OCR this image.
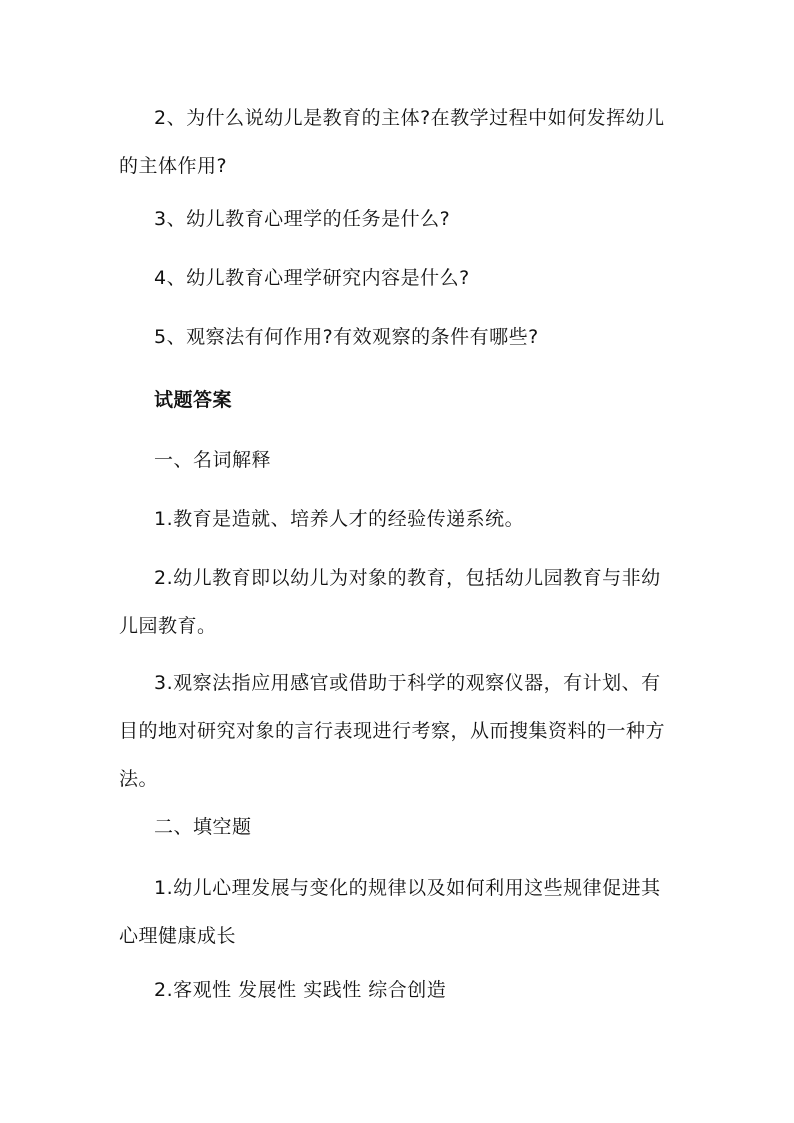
2、为什么说幼儿是教育的主体?在教学过程中如何发挥幼儿的主体作用?

3、幼儿教育心理学的任务是什么?

4、幼儿教育心理学研究内容是什么?

5、观察法有何作用?有效观察的条件有哪些?

试题答案

一、名词解释

1.教育是造就、培养人才的经验传递系统。

2.幼儿教育即以幼儿为对象的教育，包括幼儿园教育与非幼儿园教育。

3.观察法指应用感官或借助于科学的观察仪器，有计划、有目的地对研究对象的言行表现进行考察，从而搜集资料的一种方法。

二、填空题

1.幼儿心理发展与变化的规律以及如何利用这些规律促进其心理健康成长

2.客观性 发展性 实践性 综合创造
